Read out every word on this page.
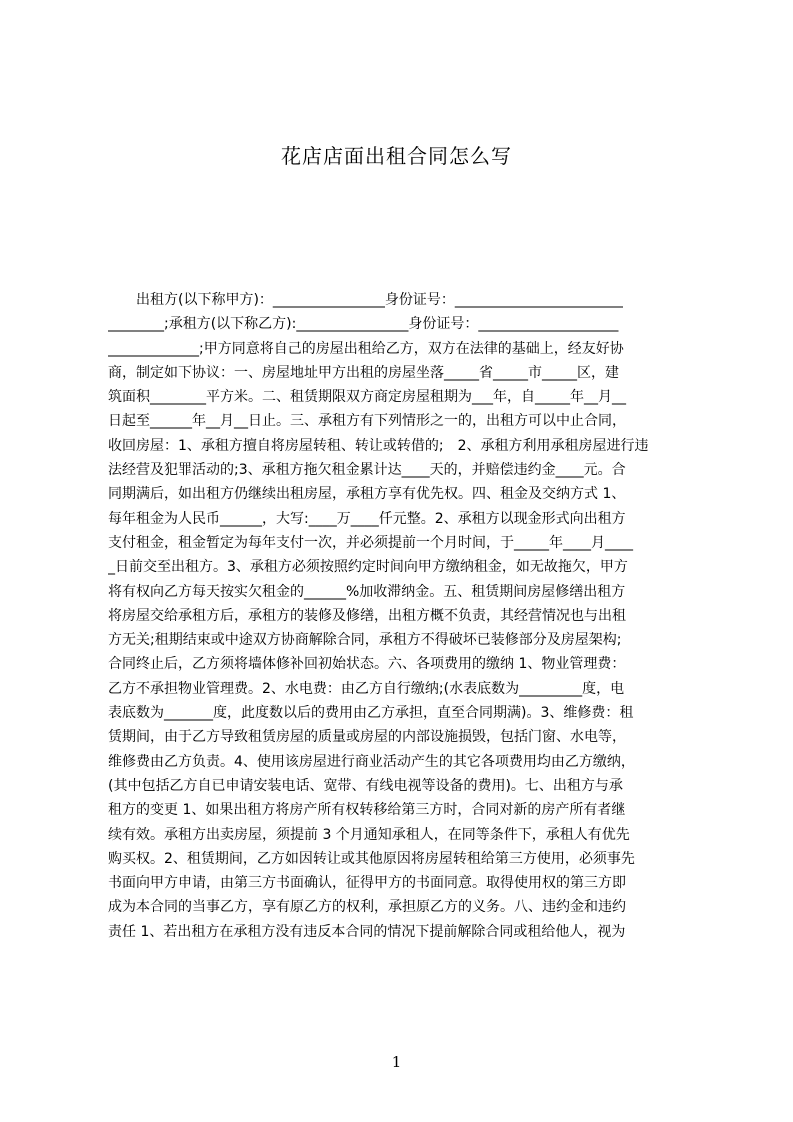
花店店面出租合同怎么写
　　出租方(以下称甲方)：________________身份证号：________________________
________;承租方(以下称乙方):________________身份证号：____________________
_____________;甲方同意将自己的房屋出租给乙方，双方在法律的基础上，经友好协
商，制定如下协议：一、房屋地址甲方出租的房屋坐落_____省_____市_____区，建
筑面积________平方米。二、租赁期限双方商定房屋租期为___年，自_____年__月__
日起至______年__月__日止。三、承租方有下列情形之一的，出租方可以中止合同，
收回房屋：1、承租方擅自将房屋转租、转让或转借的;　2、承租方利用承租房屋进行违
法经营及犯罪活动的;3、承租方拖欠租金累计达____天的，并赔偿违约金____元。合
同期满后，如出租方仍继续出租房屋，承租方享有优先权。四、租金及交纳方式 1、
每年租金为人民币______，大写:____万____仟元整。2、承租方以现金形式向出租方
支付租金，租金暂定为每年支付一次，并必须提前一个月时间，于_____年____月____
_日前交至出租方。3、承租方必须按照约定时间向甲方缴纳租金，如无故拖欠，甲方
将有权向乙方每天按实欠租金的______%加收滞纳金。五、租赁期间房屋修缮出租方
将房屋交给承租方后，承租方的装修及修缮，出租方概不负责，其经营情况也与出租
方无关;租期结束或中途双方协商解除合同，承租方不得破坏已装修部分及房屋架构;
合同终止后，乙方须将墙体修补回初始状态。六、各项费用的缴纳 1、物业管理费：
乙方不承担物业管理费。2、水电费：由乙方自行缴纳;(水表底数为_________度，电
表底数为_______度，此度数以后的费用由乙方承担，直至合同期满)。3、维修费：租
赁期间，由于乙方导致租赁房屋的质量或房屋的内部设施损毁，包括门窗、水电等，
维修费由乙方负责。4、使用该房屋进行商业活动产生的其它各项费用均由乙方缴纳，
(其中包括乙方自已申请安装电话、宽带、有线电视等设备的费用)。七、出租方与承
租方的变更 1、如果出租方将房产所有权转移给第三方时，合同对新的房产所有者继
续有效。承租方出卖房屋，须提前 3 个月通知承租人，在同等条件下，承租人有优先
购买权。2、租赁期间，乙方如因转让或其他原因将房屋转租给第三方使用，必须事先
书面向甲方申请，由第三方书面确认，征得甲方的书面同意。取得使用权的第三方即
成为本合同的当事乙方，享有原乙方的权利，承担原乙方的义务。八、违约金和违约
责任 1、若出租方在承租方没有违反本合同的情况下提前解除合同或租给他人，视为
1
